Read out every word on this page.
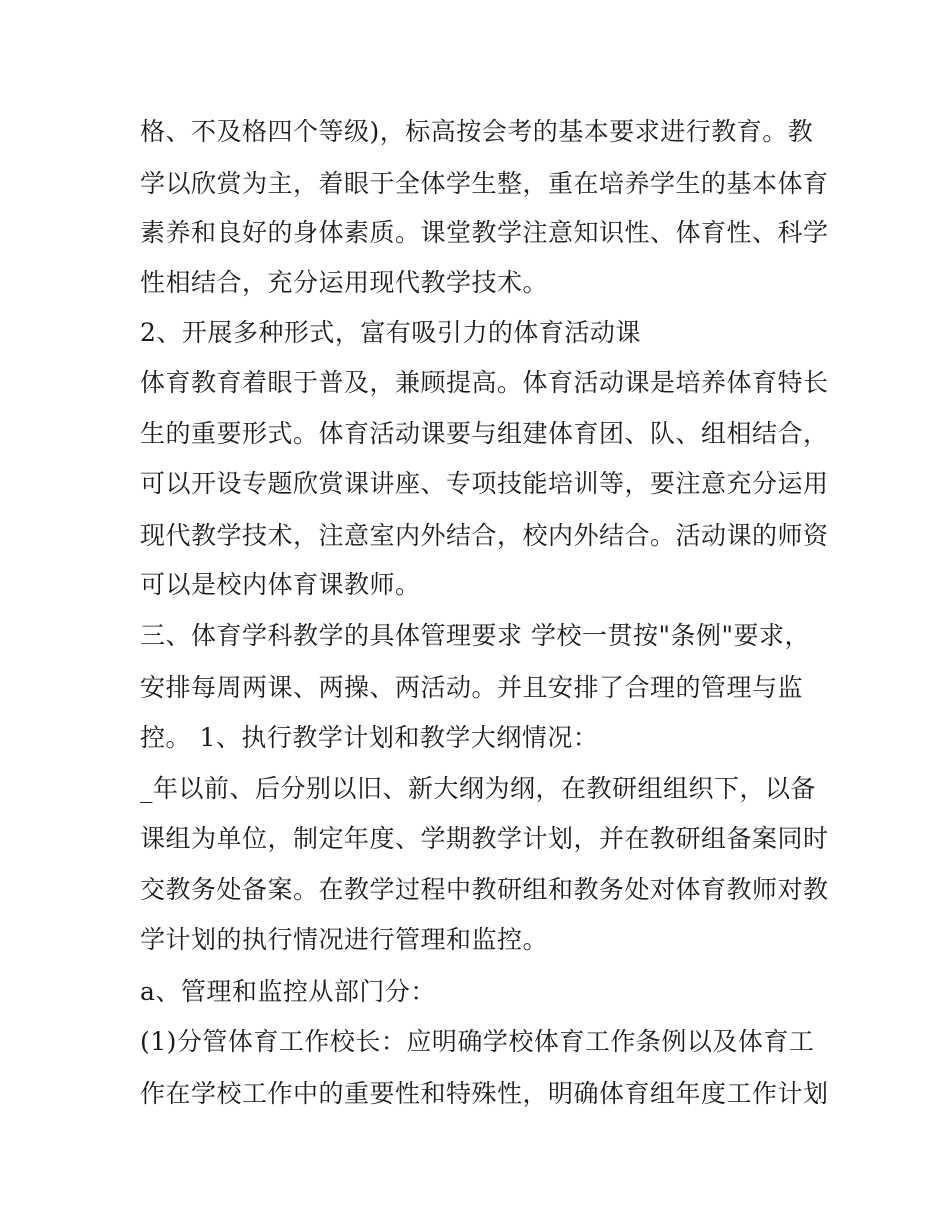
格、不及格四个等级)，标高按会考的基本要求进行教育。教
学以欣赏为主，着眼于全体学生整，重在培养学生的基本体育
素养和良好的身体素质。课堂教学注意知识性、体育性、科学
性相结合，充分运用现代教学技术。
2、开展多种形式，富有吸引力的体育活动课
体育教育着眼于普及，兼顾提高。体育活动课是培养体育特长
生的重要形式。体育活动课要与组建体育团、队、组相结合，
可以开设专题欣赏课讲座、专项技能培训等，要注意充分运用
现代教学技术，注意室内外结合，校内外结合。活动课的师资
可以是校内体育课教师。
三、体育学科教学的具体管理要求 学校一贯按"条例"要求，
安排每周两课、两操、两活动。并且安排了合理的管理与监
控。 1、执行教学计划和教学大纲情况：
_年以前、后分别以旧、新大纲为纲，在教研组组织下，以备
课组为单位，制定年度、学期教学计划，并在教研组备案同时
交教务处备案。在教学过程中教研组和教务处对体育教师对教
学计划的执行情况进行管理和监控。
a、管理和监控从部门分：
(1)分管体育工作校长：应明确学校体育工作条例以及体育工
作在学校工作中的重要性和特殊性，明确体育组年度工作计划
